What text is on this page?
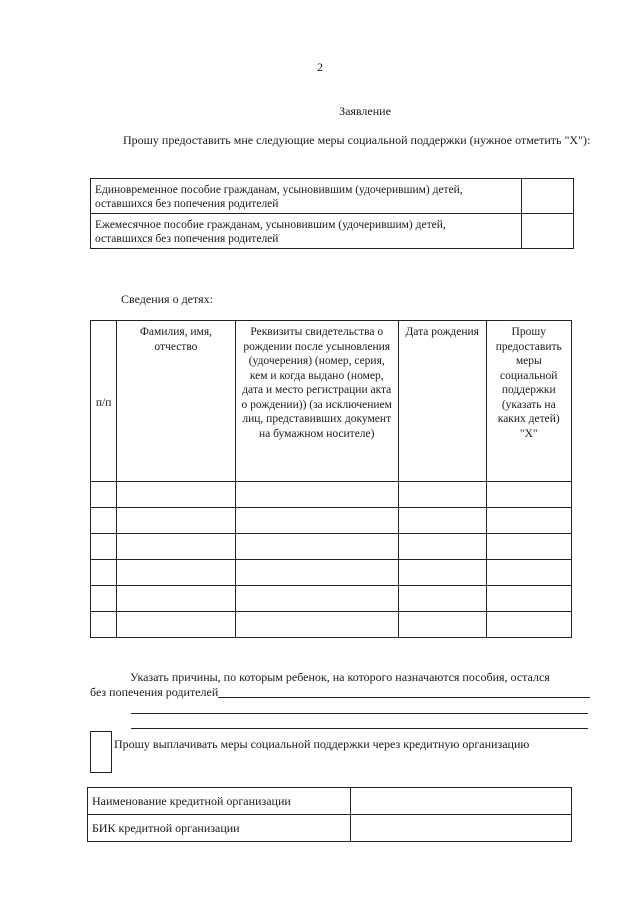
2
Заявление
Прошу предоставить мне следующие меры социальной поддержки (нужное отметить "Х"):
Единовременное пособие гражданам, усыновившим (удочерившим) детей,
оставшихся без попечения родителей	

Ежемесячное пособие гражданам, усыновившим (удочерившим) детей,
оставшихся без попечения родителей	

Сведения о детях:
п/п	Фамилия, имя, отчество	Реквизиты свидетельства о рождении после усыновления (удочерения) (номер, серия, кем и когда выдано (номер, дата и место регистрации акта о рождении)) (за исключением лиц, представивших документ на бумажном носителе)	Дата рождения	Прошу предоставить меры социальной поддержки (указать на каких детей) "Х"

Указать причины, по которым ребенок, на которого назначаются пособия, остался
без попечения родителей
Прошу выплачивать меры социальной поддержки через кредитную организацию
Наименование кредитной организации	
БИК кредитной организации	
